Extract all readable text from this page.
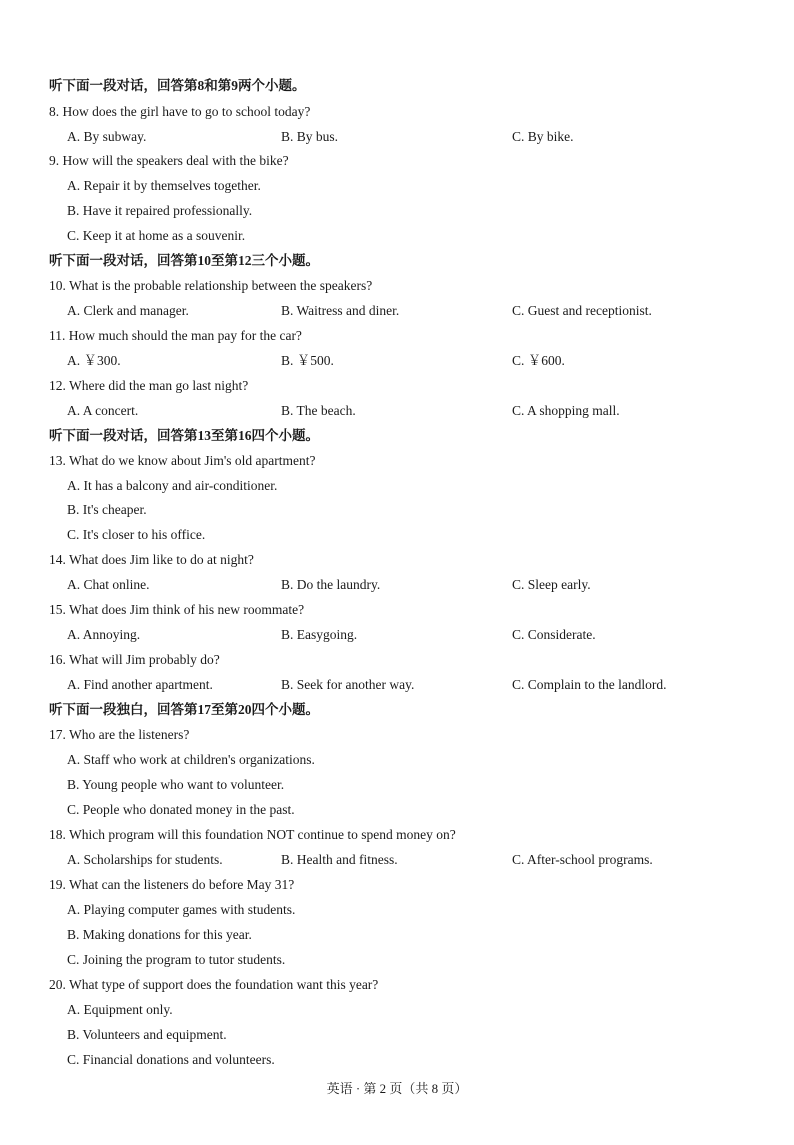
听下面一段对话，回答第8和第9两个小题。
8. How does the girl have to go to school today?
A. By subway.	B. By bus.	C. By bike.
9. How will the speakers deal with the bike?
A. Repair it by themselves together.
B. Have it repaired professionally.
C. Keep it at home as a souvenir.
听下面一段对话，回答第10至第12三个小题。
10. What is the probable relationship between the speakers?
A. Clerk and manager.	B. Waitress and diner.	C. Guest and receptionist.
11. How much should the man pay for the car?
A. ￥300.	B. ￥500.	C. ￥600.
12. Where did the man go last night?
A. A concert.	B. The beach.	C. A shopping mall.
听下面一段对话，回答第13至第16四个小题。
13. What do we know about Jim's old apartment?
A. It has a balcony and air-conditioner.
B. It's cheaper.
C. It's closer to his office.
14. What does Jim like to do at night?
A. Chat online.	B. Do the laundry.	C. Sleep early.
15. What does Jim think of his new roommate?
A. Annoying.	B. Easygoing.	C. Considerate.
16. What will Jim probably do?
A. Find another apartment.	B. Seek for another way.	C. Complain to the landlord.
听下面一段独白，回答第17至第20四个小题。
17. Who are the listeners?
A. Staff who work at children's organizations.
B. Young people who want to volunteer.
C. People who donated money in the past.
18. Which program will this foundation NOT continue to spend money on?
A. Scholarships for students.	B. Health and fitness.	C. After-school programs.
19. What can the listeners do before May 31?
A. Playing computer games with students.
B. Making donations for this year.
C. Joining the program to tutor students.
20. What type of support does the foundation want this year?
A. Equipment only.
B. Volunteers and equipment.
C. Financial donations and volunteers.
英语 · 第 2 页（共 8 页）
